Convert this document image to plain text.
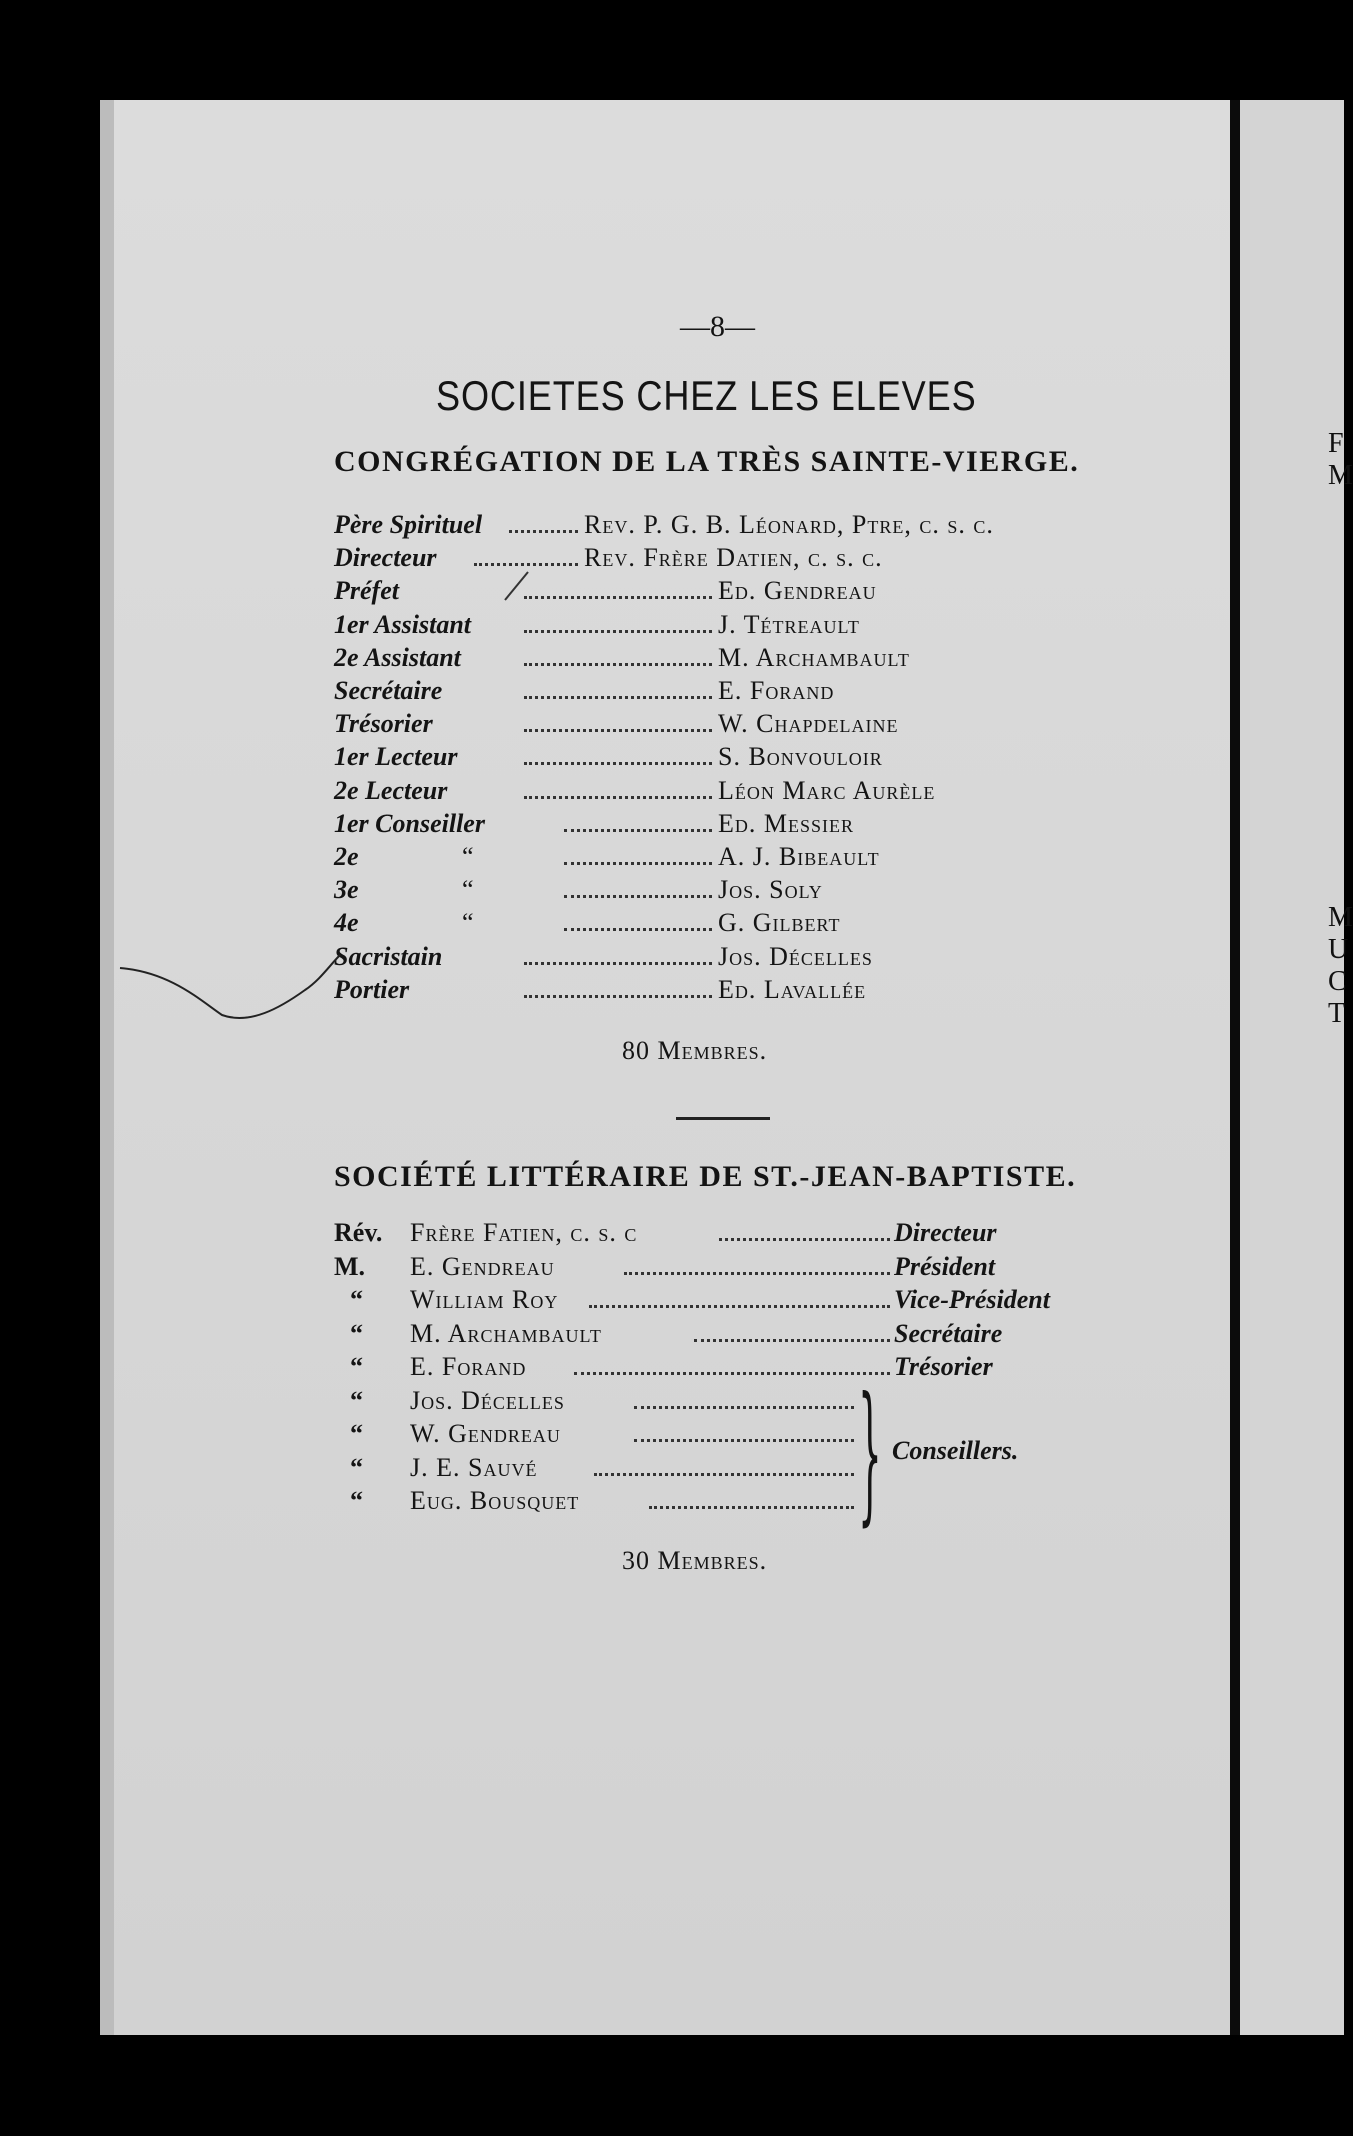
F
M
M
U
C
T
—8—
SOCIETES CHEZ LES ELEVES
CONGRÉGATION DE LA TRÈS SAINTE-VIERGE.
Père Spirituel	Rev. P. G. B. Léonard, Ptre, c. s. c.
Directeur	Rev. Frère Datien, c. s. c.
Préfet	Ed. Gendreau
1er Assistant	J. Tétreault
2e Assistant	M. Archambault
Secrétaire	E. Forand
Trésorier	W. Chapdelaine
1er Lecteur	S. Bonvouloir
2e Lecteur	Léon Marc Aurèle
1er Conseiller	Ed. Messier
2e	“	A. J. Bibeault
3e	“	Jos. Soly
4e	“	G. Gilbert
Sacristain	Jos. Décelles
Portier	Ed. Lavallée
80 Membres.
SOCIÉTÉ LITTÉRAIRE DE ST.-JEAN-BAPTISTE.
Rév. Frère Fatien, c. s. c	Directeur
M. E. Gendreau	Président
“ William Roy	Vice-Président
“ M. Archambault	Secrétaire
“ E. Forand	Trésorier
“ Jos. Décelles
“ W. Gendreau
“ J. E. Sauvé
“ Eug. Bousquet } Conseillers.
30 Membres.
